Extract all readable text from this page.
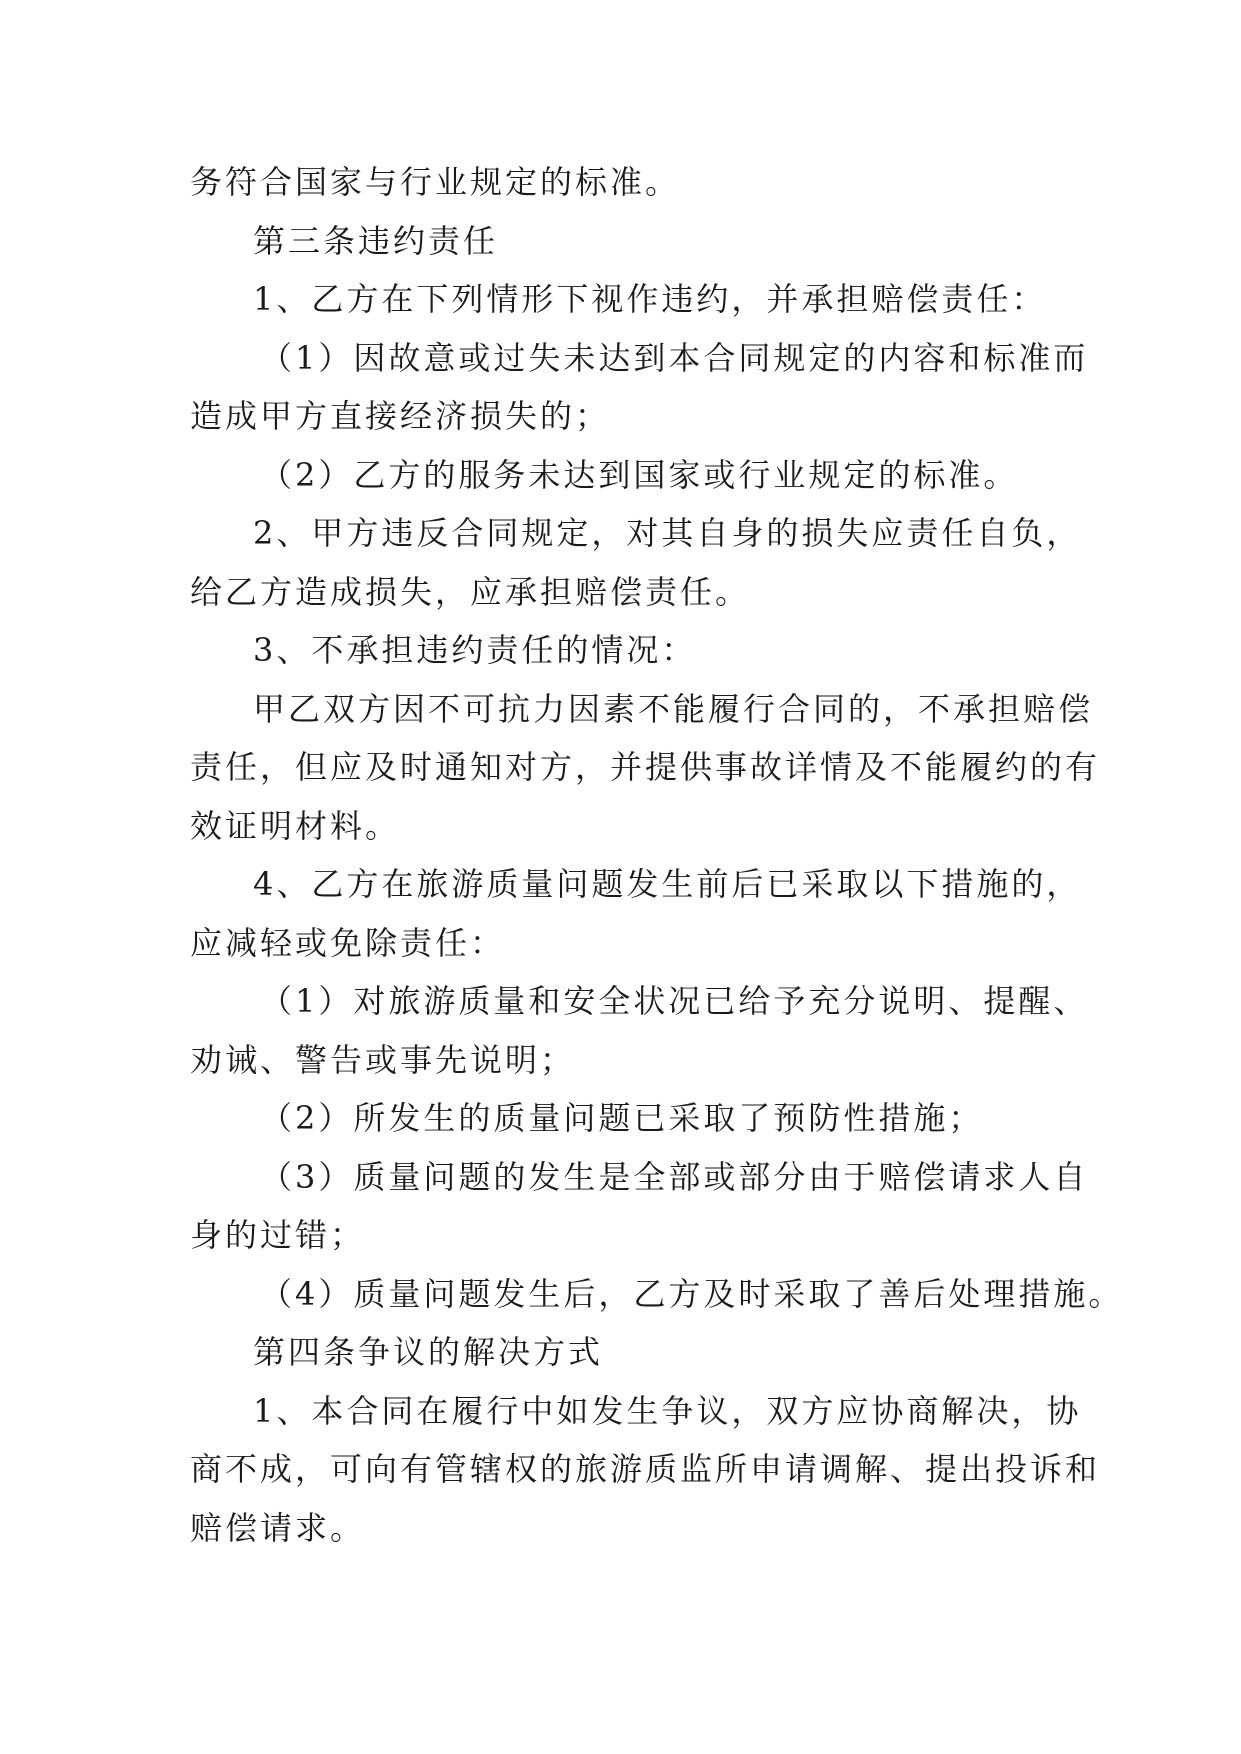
务符合国家与行业规定的标准。

第三条违约责任

1、乙方在下列情形下视作违约，并承担赔偿责任：

（1）因故意或过失未达到本合同规定的内容和标准而

造成甲方直接经济损失的；

（2）乙方的服务未达到国家或行业规定的标准。

2、甲方违反合同规定，对其自身的损失应责任自负，

给乙方造成损失，应承担赔偿责任。

3、不承担违约责任的情况：

甲乙双方因不可抗力因素不能履行合同的，不承担赔偿

责任，但应及时通知对方，并提供事故详情及不能履约的有

效证明材料。

4、乙方在旅游质量问题发生前后已采取以下措施的，

应减轻或免除责任：

（1）对旅游质量和安全状况已给予充分说明、提醒、

劝诫、警告或事先说明；

（2）所发生的质量问题已采取了预防性措施；

（3）质量问题的发生是全部或部分由于赔偿请求人自

身的过错；

（4）质量问题发生后，乙方及时采取了善后处理措施。

第四条争议的解决方式

1、本合同在履行中如发生争议，双方应协商解决，协

商不成，可向有管辖权的旅游质监所申请调解、提出投诉和

赔偿请求。
